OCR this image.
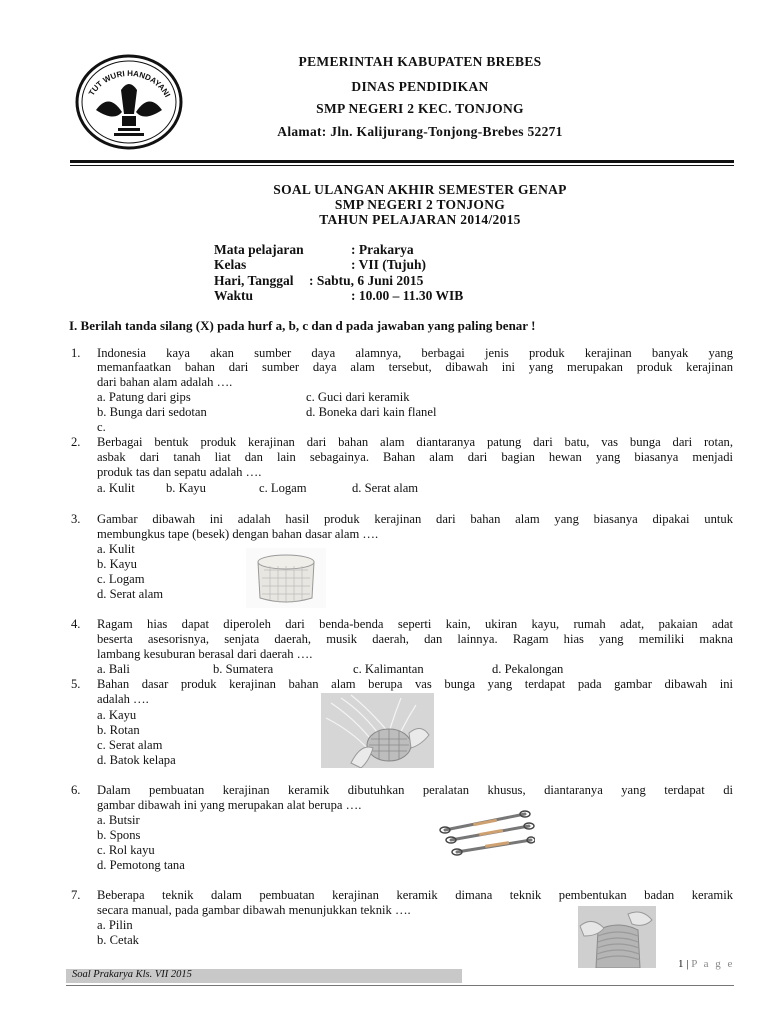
TUT WURI HANDAYANI
PEMERINTAH KABUPATEN BREBES
DINAS PENDIDIKAN
SMP NEGERI 2 KEC. TONJONG
Alamat: Jln. Kalijurang-Tonjong-Brebes 52271
SOAL ULANGAN AKHIR SEMESTER GENAP
SMP NEGERI 2 TONJONG
TAHUN PELAJARAN 2014/2015
Mata pelajaran	: Prakarya
Kelas	: VII (Tujuh)
Hari, Tanggal : Sabtu, 6 Juni 2015
Waktu	: 10.00 – 11.30 WIB
I. Berilah tanda silang (X) pada hurf a, b, c dan d pada jawaban yang paling benar !
1.	Indonesia kaya akan sumber daya alamnya, berbagai jenis produk kerajinan banyak yang
memanfaatkan bahan dari sumber daya alam tersebut, dibawah ini yang merupakan produk kerajinan
dari bahan alam adalah ….
a. Patung dari gips	c. Guci dari keramik
b. Bunga dari sedotan	d. Boneka dari kain flanel
c.
2.	Berbagai bentuk produk kerajinan dari bahan alam diantaranya patung dari batu, vas bunga dari rotan,
asbak dari tanah liat dan lain sebagainya. Bahan alam dari bagian hewan yang biasanya menjadi
produk tas dan sepatu adalah ….
a. Kulit b. Kayu	c. Logam	d. Serat alam
3.	Gambar dibawah ini adalah hasil produk kerajinan dari bahan alam yang biasanya dipakai untuk
membungkus tape (besek) dengan bahan dasar alam ….
a. Kulit
b. Kayu
c. Logam
d. Serat alam
4.	Ragam hias dapat diperoleh dari benda-benda seperti kain, ukiran kayu, rumah adat, pakaian adat
beserta asesorisnya, senjata daerah, musik daerah, dan lainnya. Ragam hias yang memiliki makna
lambang kesuburan berasal dari daerah ….
a. Bali	b. Sumatera	c. Kalimantan	d. Pekalongan
5.	Bahan dasar produk kerajinan bahan alam berupa vas bunga yang terdapat pada gambar dibawah ini
adalah ….
a. Kayu
b. Rotan
c. Serat alam
d. Batok kelapa
6.	Dalam pembuatan kerajinan keramik dibutuhkan peralatan khusus, diantaranya yang terdapat di
gambar dibawah ini yang merupakan alat berupa ….
a. Butsir
b. Spons
c. Rol kayu
d. Pemotong tana
7.	Beberapa teknik dalam pembuatan kerajinan keramik dimana teknik pembentukan badan keramik
secara manual, pada gambar dibawah menunjukkan teknik ….
a. Pilin
b. Cetak
1 | P a g e
Soal Prakarya Kls. VII 2015
